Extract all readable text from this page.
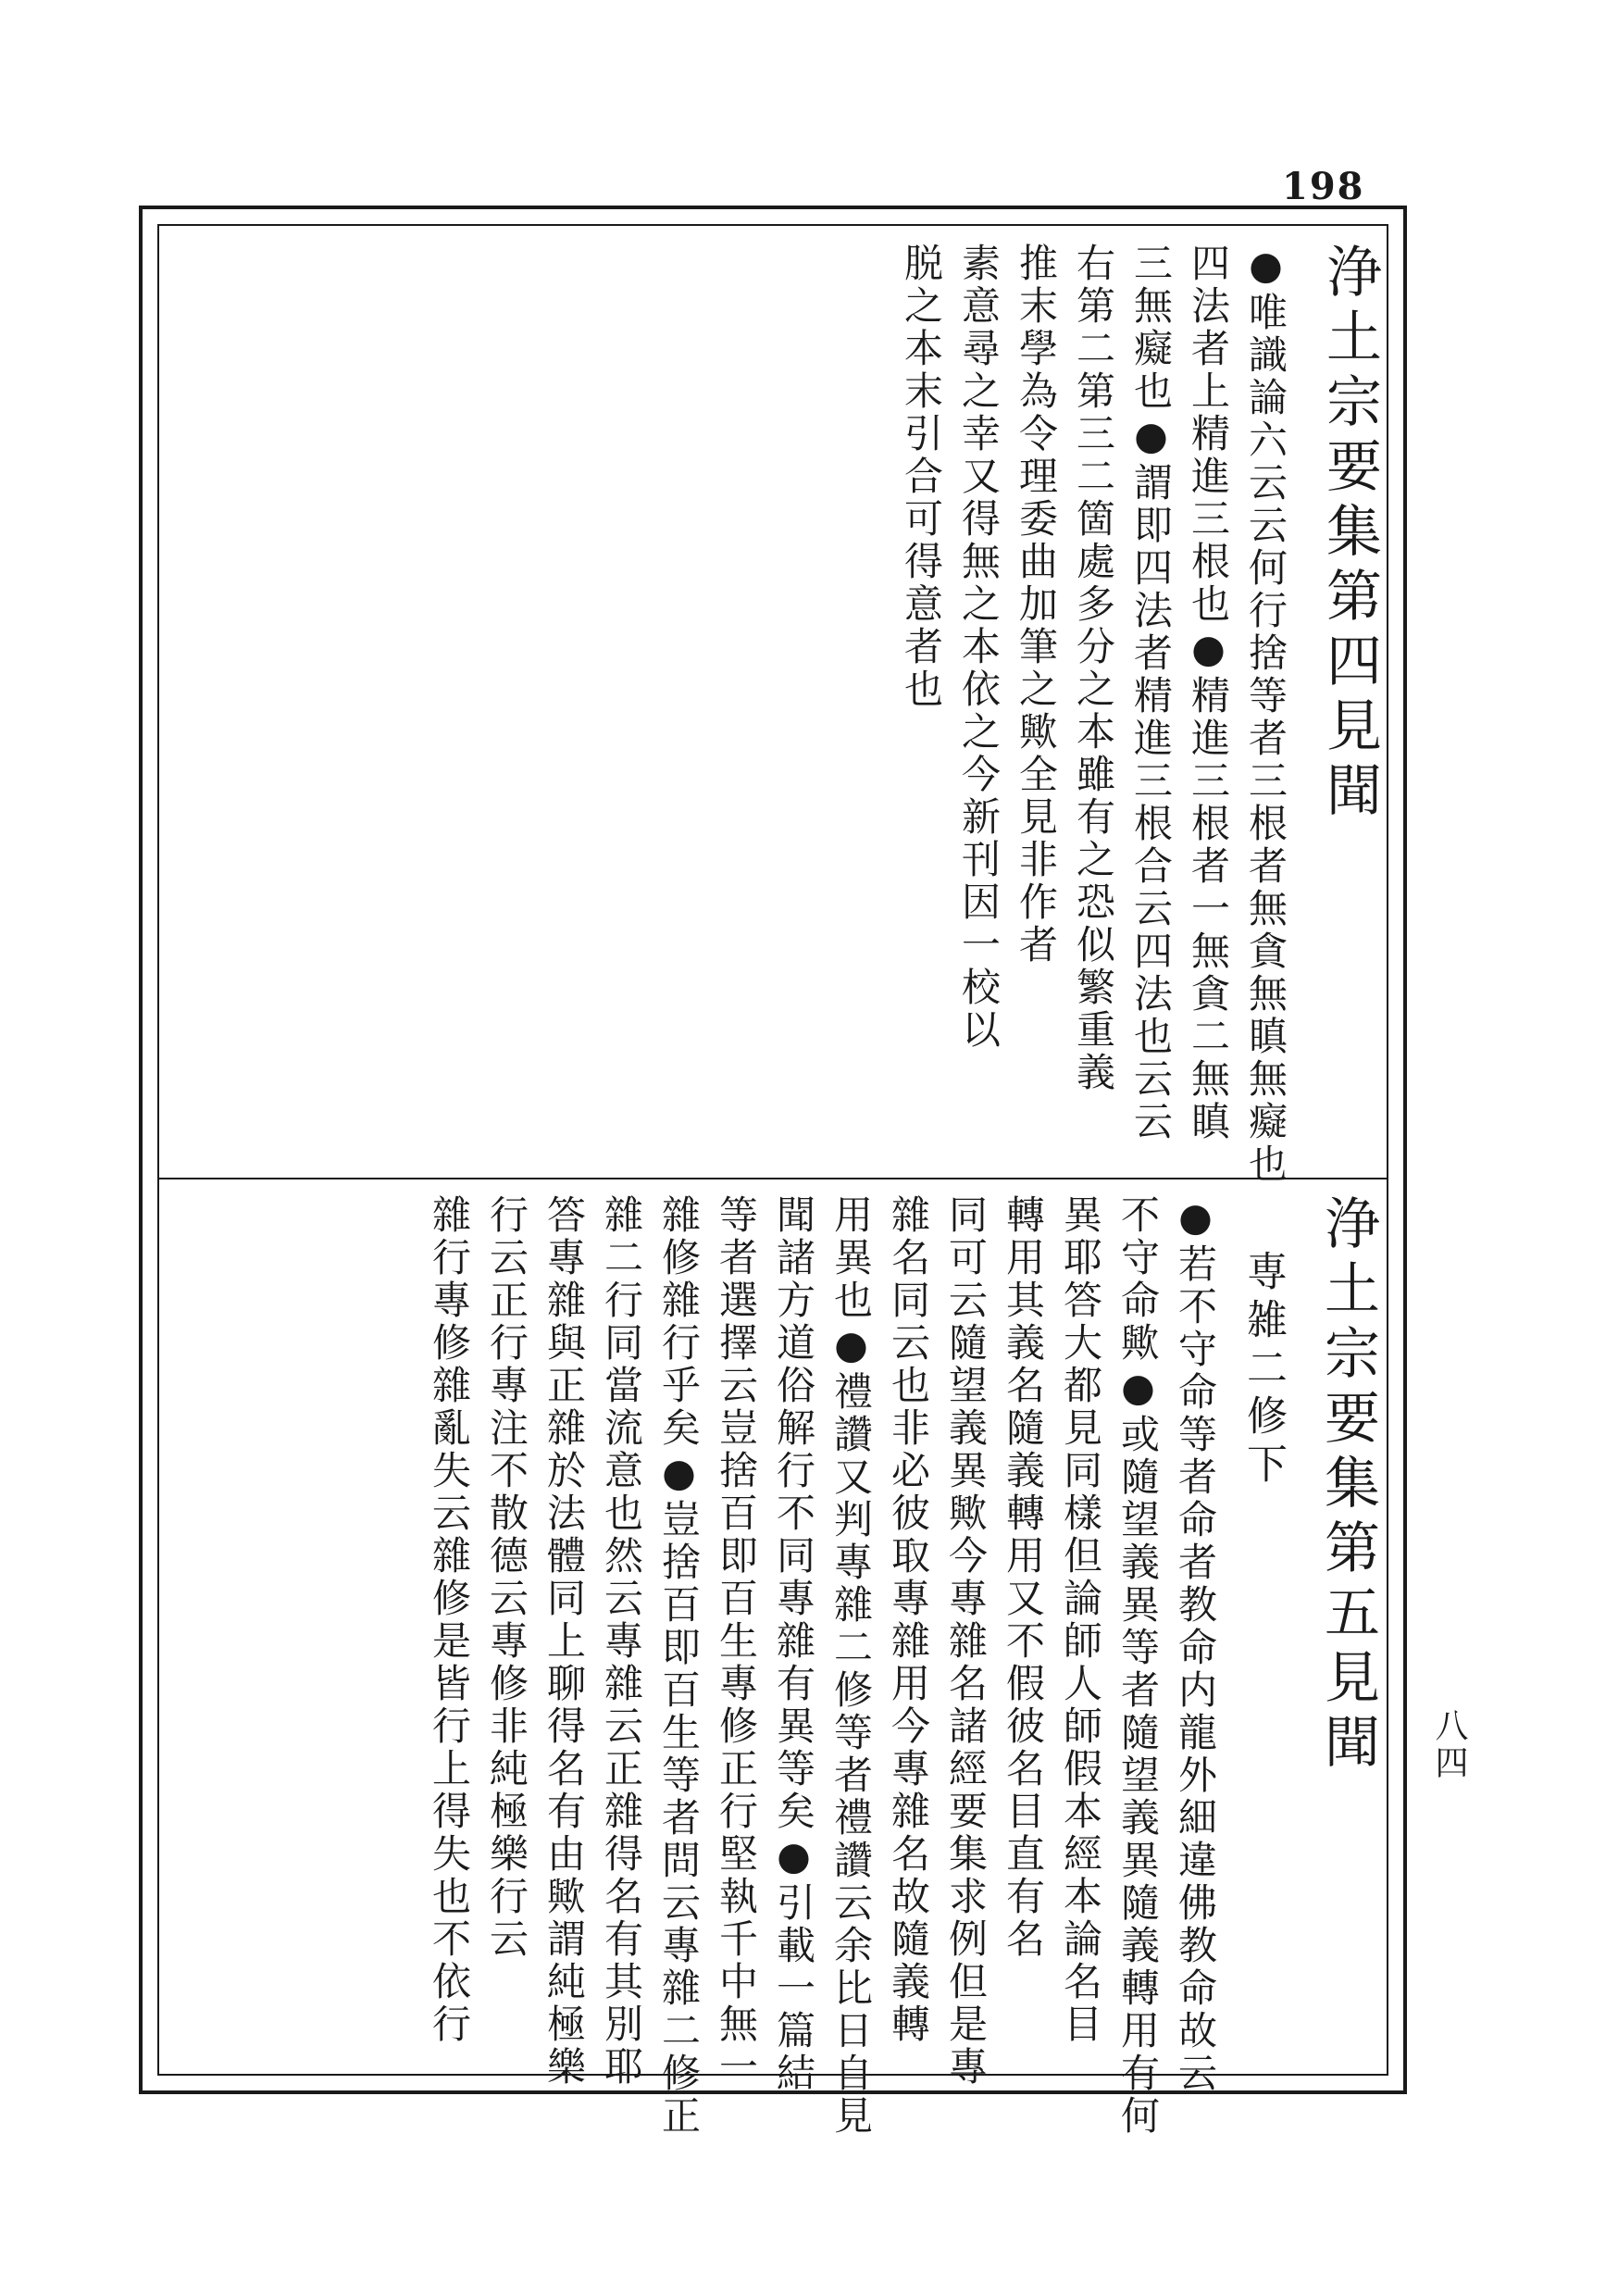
198
八四
浄土宗要集第四見聞
●唯識論六云云何行捨等者三根者無貪無瞋無癡也
四法者上精進三根也●精進三根者一無貪二無瞋
三無癡也●謂即四法者精進三根合云四法也云云
右第二第三二箇處多分之本雖有之恐似繁重義
推末學為令理委曲加筆之歟全見非作者
素意尋之幸又得無之本依之今新刊因一校以
脱之本末引合可得意者也
浄土宗要集第五見聞
専雑二修下
●若不守命等者命者教命内龍外細違佛教命故云
不守命歟●或隨望義異等者隨望義異隨義轉用有何
異耶答大都見同樣但論師人師假本經本論名目
轉用其義名隨義轉用又不假彼名目直有名
同可云隨望義異歟今專雜名諸經要集求例但是專
雜名同云也非必彼取專雜用今專雜名故隨義轉
用異也●禮讚又判專雜二修等者禮讚云余比日自見
聞諸方道俗解行不同專雜有異等矣●引載一篇結
等者選擇云豈捨百即百生專修正行堅執千中無一
雜修雜行乎矣●豈捨百即百生等者問云專雜二修正
雜二行同當流意也然云專雜云正雜得名有其別耶
答專雜與正雜於法體同上聊得名有由歟謂純極樂
行云正行專注不散德云專修非純極樂行云
雜行專修雜亂失云雜修是皆行上得失也不依行
